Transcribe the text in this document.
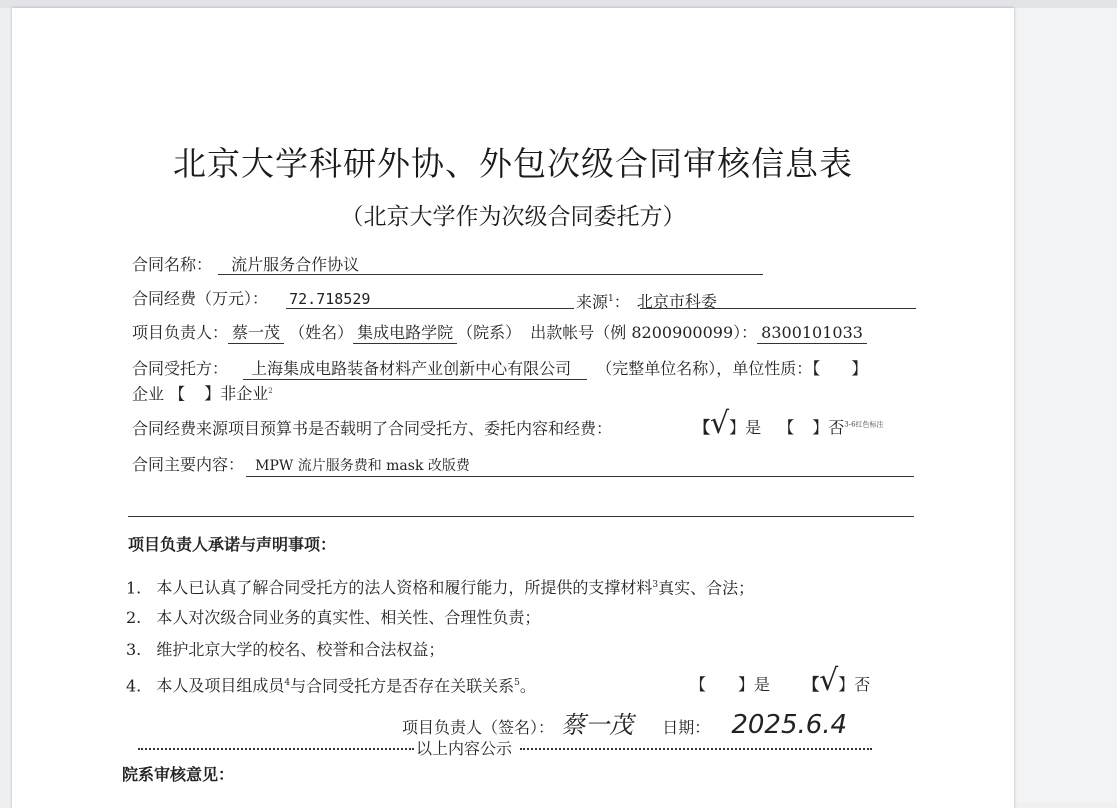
北京大学科研外协、外包次级合同审核信息表
（北京大学作为次级合同委托方）
合同名称： 流片服务合作协议
合同经费（万元）： 72.718529	来源$^1$： 北京市科委
项目负责人： 蔡一茂 （姓名） 集成电路学院 （院系） 出款帐号（例 8200900099）： 8300101033
合同受托方： 上海集成电路装备材料产业创新中心有限公司 （完整单位名称），单位性质：【 】
企业 【 】非企业$^2$
合同经费来源项目预算书是否载明了合同受托方、委托内容和经费：	【√】是 【 】否$^{3-6红色标注}$
合同主要内容： MPW 流片服务费和 mask 改版费
项目负责人承诺与声明事项：
1. 本人已认真了解合同受托方的法人资格和履行能力，所提供的支撑材料$^3$真实、合法；
2. 本人对次级合同业务的真实性、相关性、合理性负责；
3. 维护北京大学的校名、校誉和合法权益；
4. 本人及项目组成员$^4$与合同受托方是否存在关联关系$^5$。	【　　】是 【√】否
项目负责人（签名）： 蔡一茂 日期： 2025.6.4
以上内容公示
院系审核意见：
